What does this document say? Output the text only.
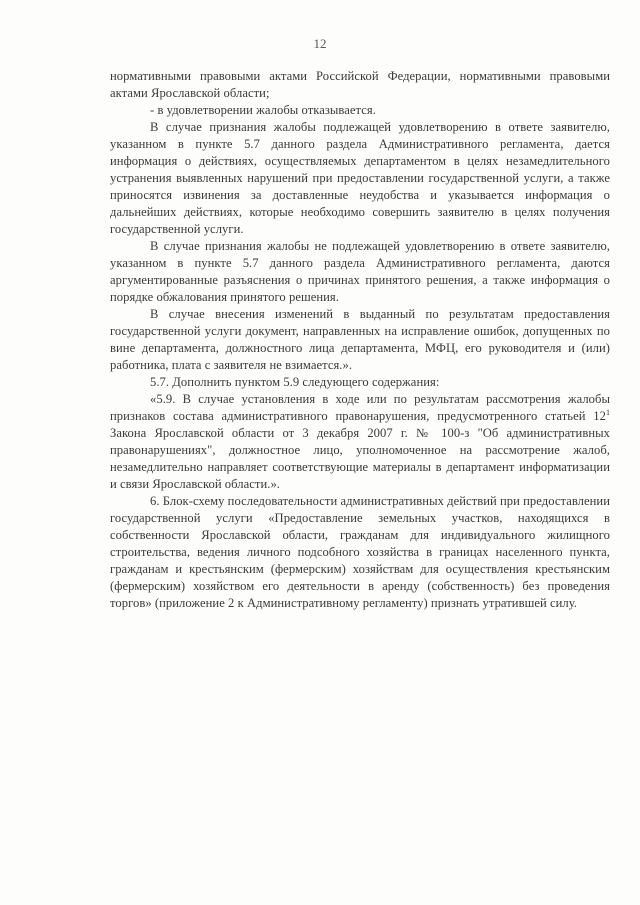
12

нормативными правовыми актами Российской Федерации, нормативными правовыми актами Ярославской области;

- в удовлетворении жалобы отказывается.

В случае признания жалобы подлежащей удовлетворению в ответе заявителю, указанном в пункте 5.7 данного раздела Административного регламента, дается информация о действиях, осуществляемых департаментом в целях незамедлительного устранения выявленных нарушений при предоставлении государственной услуги, а также приносятся извинения за доставленные неудобства и указывается информация о дальнейших действиях, которые необходимо совершить заявителю в целях получения государственной услуги.

В случае признания жалобы не подлежащей удовлетворению в ответе заявителю, указанном в пункте 5.7 данного раздела Административного регламента, даются аргументированные разъяснения о причинах принятого решения, а также информация о порядке обжалования принятого решения.

В случае внесения изменений в выданный по результатам предоставления государственной услуги документ, направленных на исправление ошибок, допущенных по вине департамента, должностного лица департамента, МФЦ, его руководителя и (или) работника, плата с заявителя не взимается.».

5.7. Дополнить пунктом 5.9 следующего содержания:

«5.9. В случае установления в ходе или по результатам рассмотрения жалобы признаков состава административного правонарушения, предусмотренного статьей $12^1$ Закона Ярославской области от 3 декабря 2007 г. № 100-з "Об административных правонарушениях", должностное лицо, уполномоченное на рассмотрение жалоб, незамедлительно направляет соответствующие материалы в департамент информатизации и связи Ярославской области.».

6. Блок-схему последовательности административных действий при предоставлении государственной услуги «Предоставление земельных участков, находящихся в собственности Ярославской области, гражданам для индивидуального жилищного строительства, ведения личного подсобного хозяйства в границах населенного пункта, гражданам и крестьянским (фермерским) хозяйствам для осуществления крестьянским (фермерским) хозяйством его деятельности в аренду (собственность) без проведения торгов» (приложение 2 к Административному регламенту) признать утратившей силу.
